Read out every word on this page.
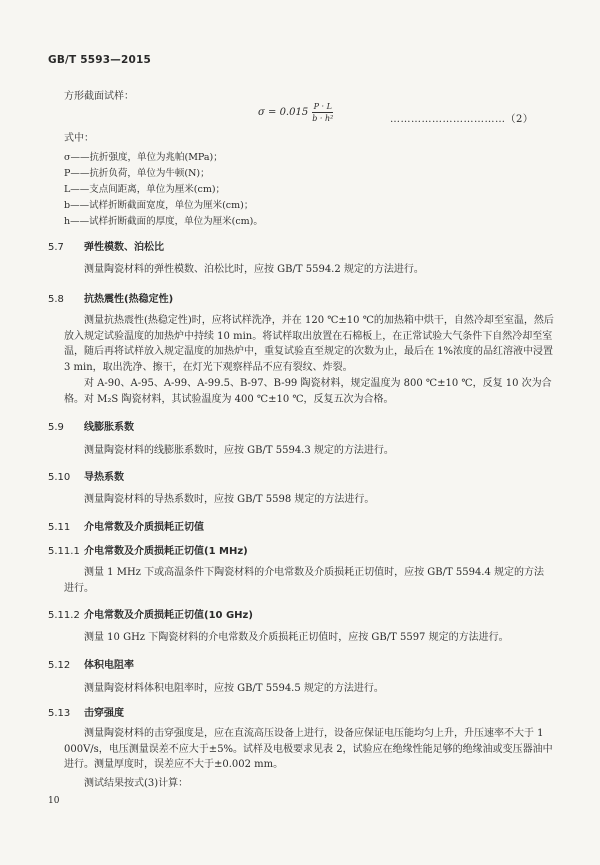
GB/T 5593—2015
方形截面试样：
$\sigma = 0.015 \frac{P \cdot L}{\text{b · h²}}$	……………………………（2）
式中：
σ——抗折强度，单位为兆帕(MPa)；
P——抗折负荷，单位为牛顿(N)；
L——支点间距离，单位为厘米(cm)；
b——试样折断截面宽度，单位为厘米(cm)；
h——试样折断截面的厚度，单位为厘米(cm)。
5.7 弹性模数、泊松比
测量陶瓷材料的弹性模数、泊松比时，应按 GB/T 5594.2 规定的方法进行。
5.8 抗热震性(热稳定性)
测量抗热震性(热稳定性)时，应将试样洗净，并在 120 ℃±10 ℃的加热箱中烘干，自然冷却至室温，然后放入规定试验温度的加热炉中持续 10 min。将试样取出放置在石棉板上，在正常试验大气条件下自然冷却至室温，随后再将试样放入规定温度的加热炉中，重复试验直至规定的次数为止，最后在 1%浓度的品红溶液中浸置 3 min，取出洗净、擦干，在灯光下观察样品不应有裂纹、炸裂。
对 A-90、A-95、A-99、A-99.5、B-97、B-99 陶瓷材料，规定温度为 800 ℃±10 ℃，反复 10 次为合格。 对 M₂S 陶瓷材料，其试验温度为 400 ℃±10 ℃，反复五次为合格。
5.9 线膨胀系数
测量陶瓷材料的线膨胀系数时，应按 GB/T 5594.3 规定的方法进行。
5.10 导热系数
测量陶瓷材料的导热系数时，应按 GB/T 5598 规定的方法进行。
5.11 介电常数及介质损耗正切值
5.11.1 介电常数及介质损耗正切值(1 MHz)
测量 1 MHz 下或高温条件下陶瓷材料的介电常数及介质损耗正切值时，应按 GB/T 5594.4 规定的方法进行。
5.11.2 介电常数及介质损耗正切值(10 GHz)
测量 10 GHz 下陶瓷材料的介电常数及介质损耗正切值时，应按 GB/T 5597 规定的方法进行。
5.12 体积电阻率
测量陶瓷材料体积电阻率时，应按 GB/T 5594.5 规定的方法进行。
5.13 击穿强度
测量陶瓷材料的击穿强度是，应在直流高压设备上进行，设备应保证电压能均匀上升，升压速率不大于 1 000V/s，电压测量误差不应大于±5%。试样及电极要求见表 2，试验应在绝缘性能足够的绝缘油或变压器油中进行。测量厚度时，误差应不大于±0.002 mm。
测试结果按式(3)计算：
10
